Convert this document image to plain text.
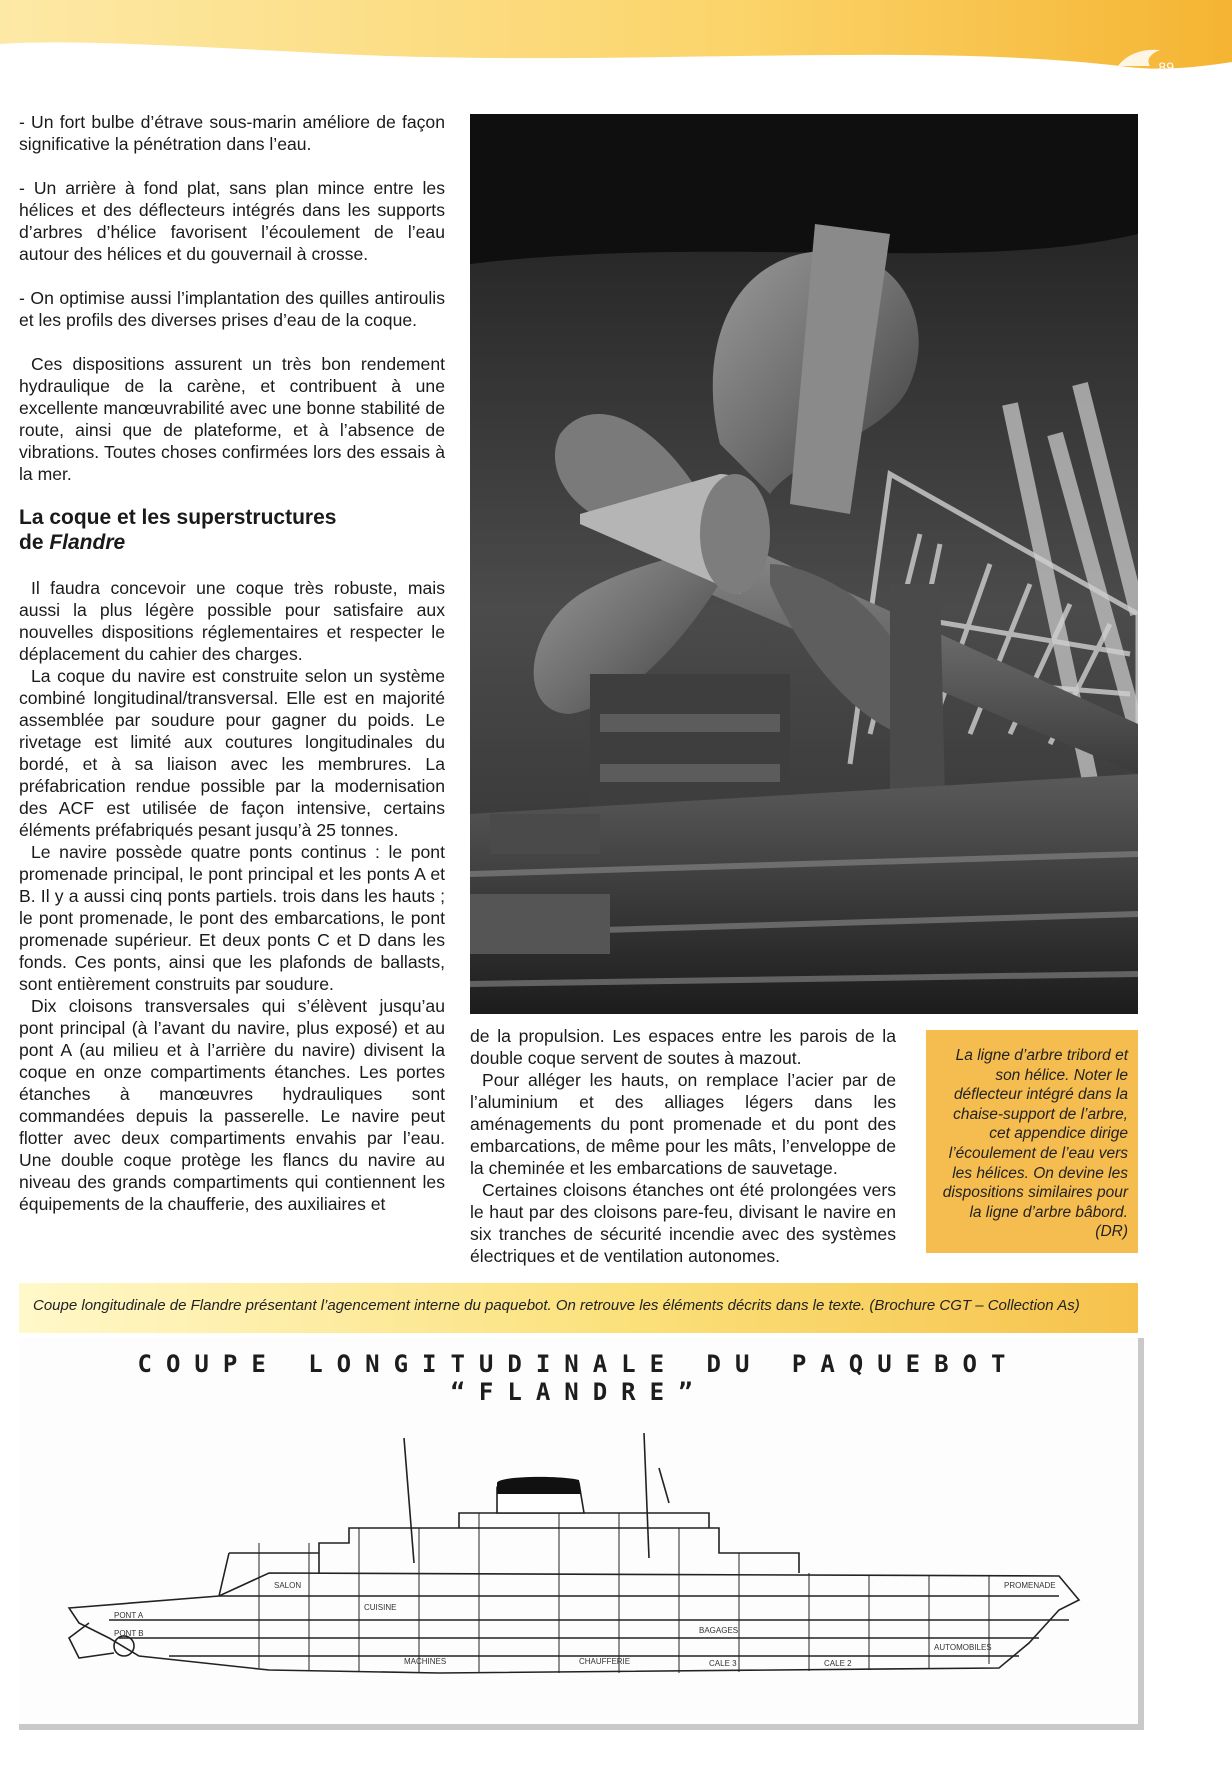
89

- Un fort bulbe d’étrave sous-marin améliore de façon significative la pénétration dans l’eau.

- Un arrière à fond plat, sans plan mince entre les hélices et des déflecteurs intégrés dans les supports d’arbres d’hélice favorisent l’écoulement de l’eau autour des hélices et du gouvernail à crosse.

- On optimise aussi l’implantation des quilles antiroulis et les profils des diverses prises d’eau de la coque.

Ces dispositions assurent un très bon rendement hydraulique de la carène, et contribuent à une excellente manœuvrabilité avec une bonne stabilité de route, ainsi que de plateforme, et à l’absence de vibrations. Toutes choses confirmées lors des essais à la mer.

La coque et les superstructures
de Flandre

Il faudra concevoir une coque très robuste, mais aussi la plus légère possible pour satisfaire aux nouvelles dispositions réglementaires et respecter le déplacement du cahier des charges.

La coque du navire est construite selon un système combiné longitudinal/transversal. Elle est en majorité assemblée par soudure pour gagner du poids. Le rivetage est limité aux coutures longitudinales du bordé, et à sa liaison avec les membrures. La préfabrication rendue possible par la modernisation des ACF est utilisée de façon intensive, certains éléments préfabriqués pesant jusqu’à 25 tonnes.

Le navire possède quatre ponts continus : le pont promenade principal, le pont principal et les ponts A et B. Il y a aussi cinq ponts partiels. trois dans les hauts ; le pont promenade, le pont des embarcations, le pont promenade supérieur. Et deux ponts C et D dans les fonds. Ces ponts, ainsi que les plafonds de ballasts, sont entièrement construits par soudure.

Dix cloisons transversales qui s’élèvent jusqu’au pont principal (à l’avant du navire, plus exposé) et au pont A (au milieu et à l’arrière du navire) divisent la coque en onze compartiments étanches. Les portes étanches à manœuvres hydrauliques sont commandées depuis la passerelle. Le navire peut flotter avec deux compartiments envahis par l’eau. Une double coque protège les flancs du navire au niveau des grands compartiments qui contiennent les équipements de la chaufferie, des auxiliaires et

de la propulsion. Les espaces entre les parois de la double coque servent de soutes à mazout.

Pour alléger les hauts, on remplace l’acier par de l’aluminium et des alliages légers dans les aménagements du pont promenade et du pont des embarcations, de même pour les mâts, l’enveloppe de la cheminée et les embarcations de sauvetage.

Certaines cloisons étanches ont été prolongées vers le haut par des cloisons pare-feu, divisant le navire en six tranches de sécurité incendie avec des systèmes électriques et de ventilation autonomes.

La ligne d’arbre tribord et son hélice. Noter le déflecteur intégré dans la chaise-support de l’arbre, cet appendice dirige l’écoulement de l’eau vers les hélices. On devine les dispositions similaires pour la ligne d’arbre bâbord. (DR)
Coupe longitudinale de Flandre présentant l’agencement interne du paquebot. On retrouve les éléments décrits dans le texte. (Brochure CGT – Collection As)
COUPE LONGITUDINALE DU PAQUEBOT “FLANDRE”
MACHINES	CHAUFFERIE
CUISINE
SALON
BAGAGES
CALE 2
CALE 3
PONT A
PONT B
PROMENADE
AUTOMOBILES
